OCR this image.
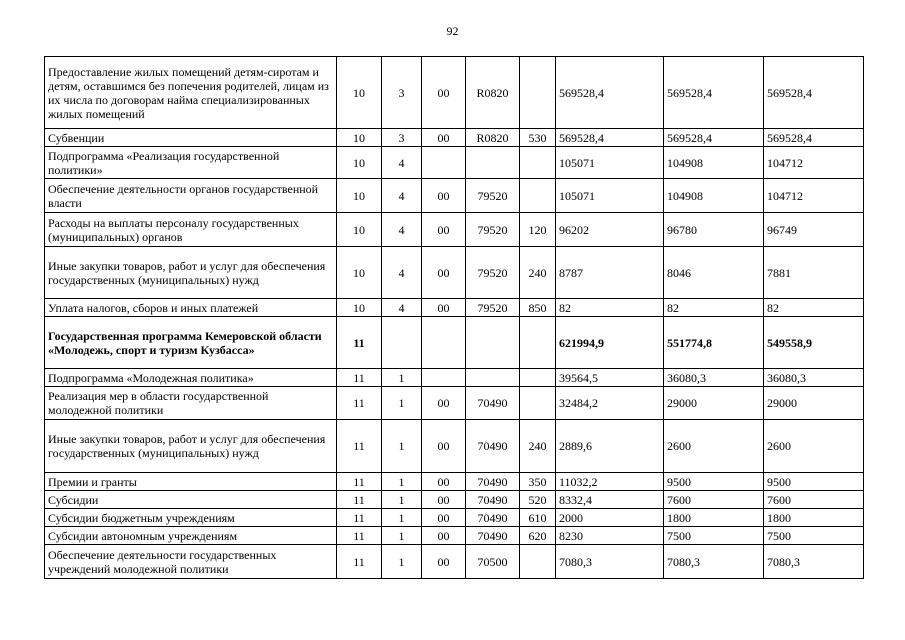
92
Предоставление жилых помещений детям-сиротам и детям, оставшимся без попечения родителей, лицам из их числа по договорам найма специализированных жилых помещений	10	3	00	R0820		569528,4	569528,4	569528,4
Субвенции	10	3	00	R0820	530	569528,4	569528,4	569528,4
Подпрограмма «Реализация государственной политики»	10	4				105071	104908	104712
Обеспечение деятельности органов государственной власти	10	4	00	79520		105071	104908	104712
Расходы на выплаты персоналу государственных (муниципальных) органов	10	4	00	79520	120	96202	96780	96749
Иные закупки товаров, работ и услуг для обеспечения государственных (муниципальных) нужд	10	4	00	79520	240	8787	8046	7881
Уплата налогов, сборов и иных платежей	10	4	00	79520	850	82	82	82
Государственная программа Кемеровской области «Молодежь, спорт и туризм Кузбасса»	11					621994,9	551774,8	549558,9
Подпрограмма «Молодежная политика»	11	1				39564,5	36080,3	36080,3
Реализация мер в области государственной молодежной политики	11	1	00	70490		32484,2	29000	29000
Иные закупки товаров, работ и услуг для обеспечения государственных (муниципальных) нужд	11	1	00	70490	240	2889,6	2600	2600
Премии и гранты	11	1	00	70490	350	11032,2	9500	9500
Субсидии	11	1	00	70490	520	8332,4	7600	7600
Субсидии бюджетным учреждениям	11	1	00	70490	610	2000	1800	1800
Субсидии автономным учреждениям	11	1	00	70490	620	8230	7500	7500
Обеспечение деятельности государственных учреждений молодежной политики	11	1	00	70500		7080,3	7080,3	7080,3
